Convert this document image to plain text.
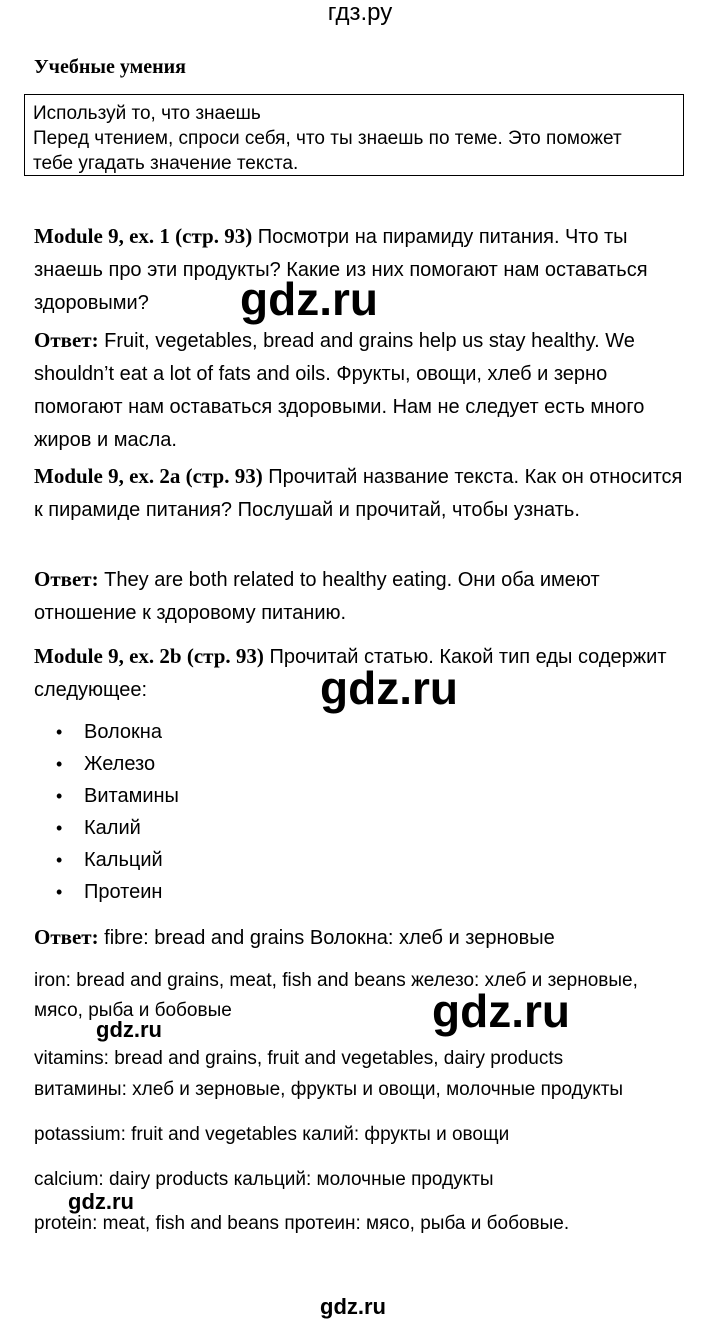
гдз.ру
Учебные умения
Используй то, что знаешь
Перед чтением, спроси себя, что ты знаешь по теме. Это поможет
тебе угадать значение текста.
Module 9, ex. 1 (стр. 93) Посмотри на пирамиду питания. Что ты знаешь про эти продукты? Какие из них помогают нам оставаться здоровыми?
Ответ: Fruit, vegetables, bread and grains help us stay healthy. We shouldn’t eat a lot of fats and oils. Фрукты, овощи, хлеб и зерно помогают нам оставаться здоровыми. Нам не следует есть много жиров и масла.
Module 9, ex. 2a (стр. 93) Прочитай название текста. Как он относится к пирамиде питания? Послушай и прочитай, чтобы узнать.
Ответ: They are both related to healthy eating. Они оба имеют отношение к здоровому питанию.
Module 9, ex. 2b (стр. 93) Прочитай статью. Какой тип еды содержит следующее:
• Волокна
• Железо
• Витамины
• Калий
• Кальций
• Протеин
Ответ: fibre: bread and grains Волокна: хлеб и зерновые
iron: bread and grains, meat, fish and beans железо: хлеб и зерновые,
мясо, рыба и бобовые
vitamins: bread and grains, fruit and vegetables, dairy products
витамины: хлеб и зерновые, фрукты и овощи, молочные продукты
potassium: fruit and vegetables калий: фрукты и овощи
calcium: dairy products кальций: молочные продукты
protein: meat, fish and beans протеин: мясо, рыба и бобовые.
gdz.ru
gdz.ru
gdz.ru
gdz.ru
gdz.ru
gdz.ru
